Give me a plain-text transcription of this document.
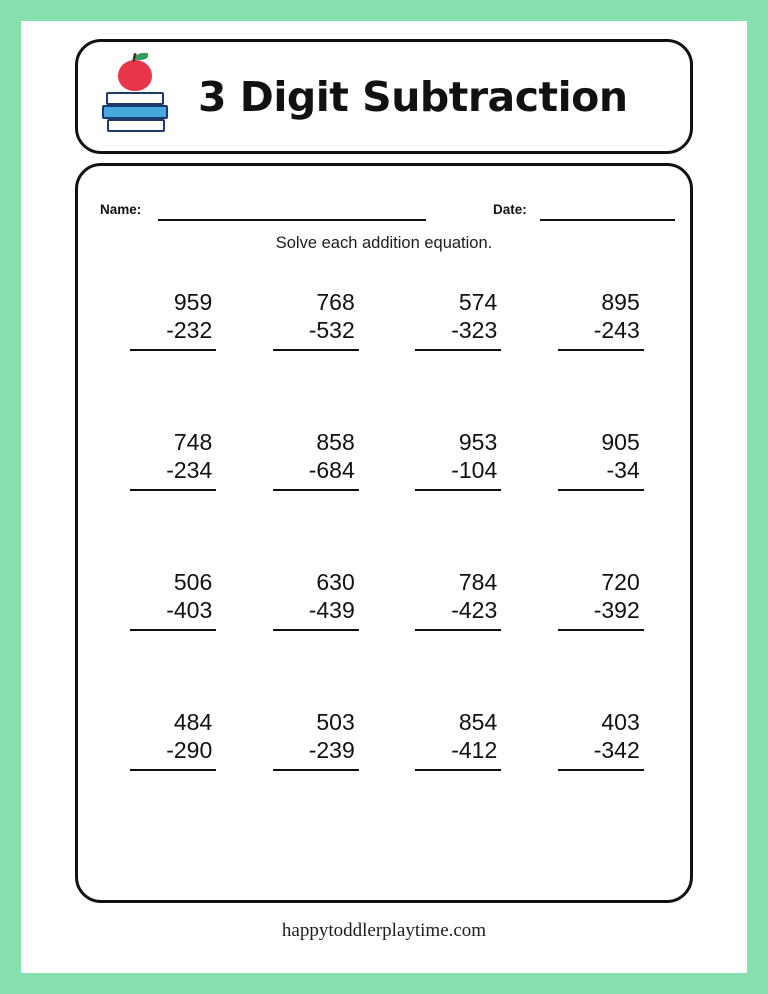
3 Digit Subtraction
Name:	Date:
Solve each addition equation.
959
-232
768
-532
574
-323
895
-243
748
-234
858
-684
953
-104
905
-34
506
-403
630
-439
784
-423
720
-392
484
-290
503
-239
854
-412
403
-342
happytoddlerplaytime.com
